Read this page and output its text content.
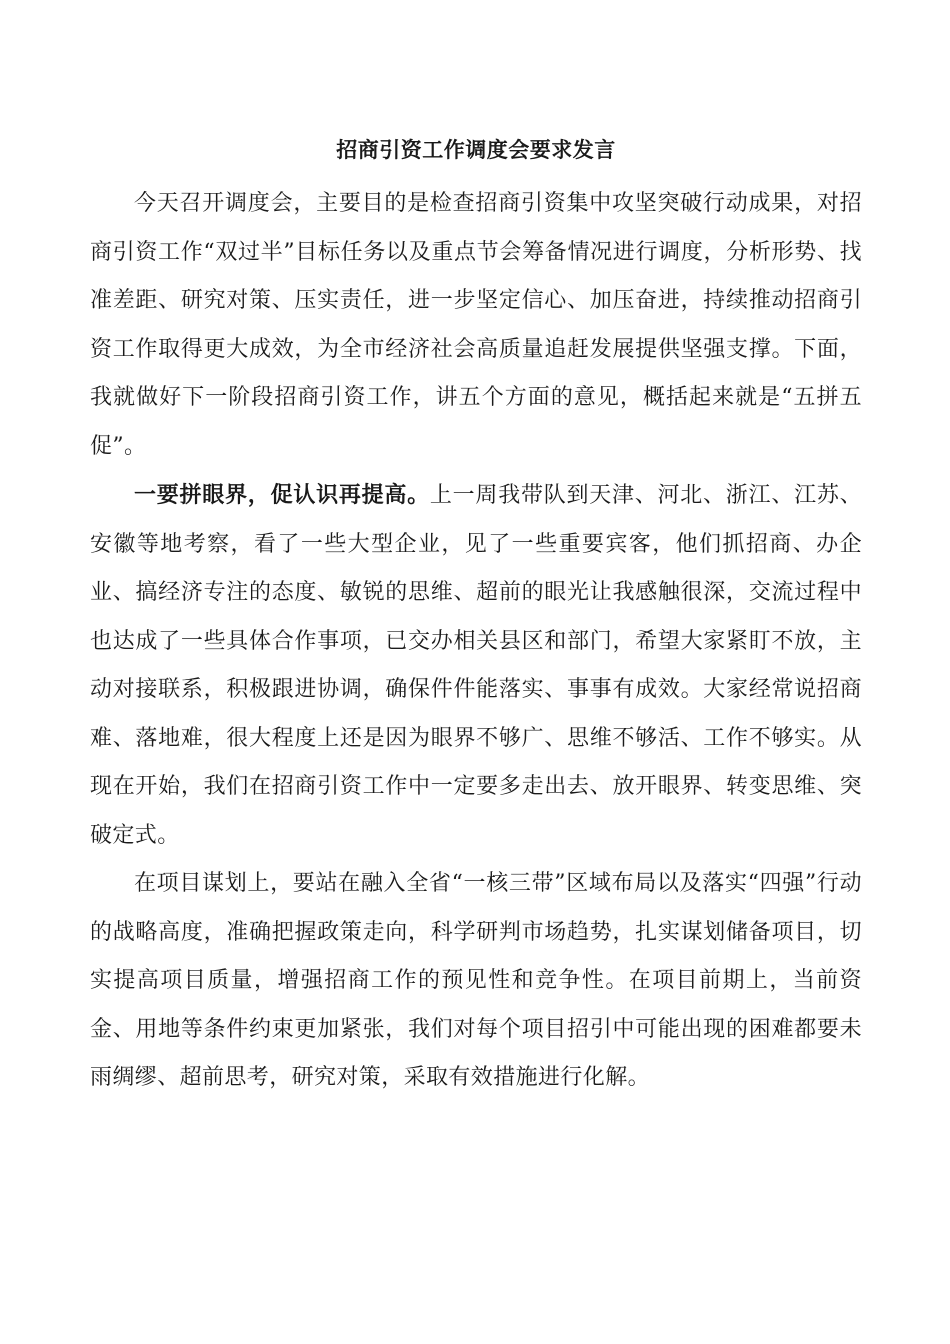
招商引资工作调度会要求发言

今天召开调度会，主要目的是检查招商引资集中攻坚突破行动成果，对招商引资工作“双过半”目标任务以及重点节会筹备情况进行调度，分析形势、找准差距、研究对策、压实责任，进一步坚定信心、加压奋进，持续推动招商引资工作取得更大成效，为全市经济社会高质量追赶发展提供坚强支撑。下面，我就做好下一阶段招商引资工作，讲五个方面的意见，概括起来就是“五拼五促”。

一要拼眼界，促认识再提高。上一周我带队到天津、河北、浙江、江苏、安徽等地考察，看了一些大型企业，见了一些重要宾客，他们抓招商、办企业、搞经济专注的态度、敏锐的思维、超前的眼光让我感触很深，交流过程中也达成了一些具体合作事项，已交办相关县区和部门，希望大家紧盯不放，主动对接联系，积极跟进协调，确保件件能落实、事事有成效。大家经常说招商难、落地难，很大程度上还是因为眼界不够广、思维不够活、工作不够实。从现在开始，我们在招商引资工作中一定要多走出去、放开眼界、转变思维、突破定式。

在项目谋划上，要站在融入全省“一核三带”区域布局以及落实“四强”行动的战略高度，准确把握政策走向，科学研判市场趋势，扎实谋划储备项目，切实提高项目质量，增强招商工作的预见性和竞争性。在项目前期上，当前资金、用地等条件约束更加紧张，我们对每个项目招引中可能出现的困难都要未雨绸缪、超前思考，研究对策，采取有效措施进行化解。
